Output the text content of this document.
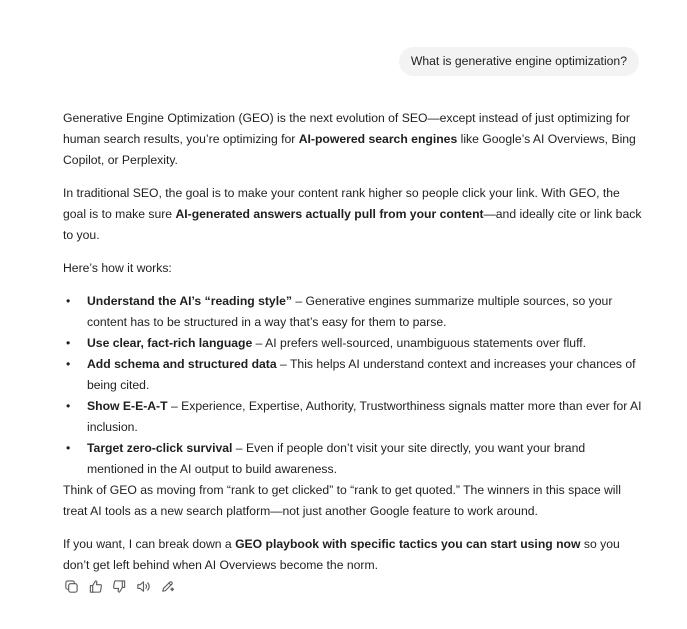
What is generative engine optimization?

Generative Engine Optimization (GEO) is the next evolution of SEO—except instead of just optimizing for human search results, you’re optimizing for AI-powered search engines like Google’s AI Overviews, Bing Copilot, or Perplexity.

In traditional SEO, the goal is to make your content rank higher so people click your link. With GEO, the goal is to make sure AI-generated answers actually pull from your content—and ideally cite or link back to you.

Here’s how it works:

• Understand the AI’s “reading style” – Generative engines summarize multiple sources, so your content has to be structured in a way that’s easy for them to parse.
• Use clear, fact-rich language – AI prefers well-sourced, unambiguous statements over fluff.
• Add schema and structured data – This helps AI understand context and increases your chances of being cited.
• Show E-E-A-T – Experience, Expertise, Authority, Trustworthiness signals matter more than ever for AI inclusion.
• Target zero-click survival – Even if people don’t visit your site directly, you want your brand mentioned in the AI output to build awareness.

Think of GEO as moving from “rank to get clicked” to “rank to get quoted.” The winners in this space will treat AI tools as a new search platform—not just another Google feature to work around.

If you want, I can break down a GEO playbook with specific tactics you can start using now so you don’t get left behind when AI Overviews become the norm.
